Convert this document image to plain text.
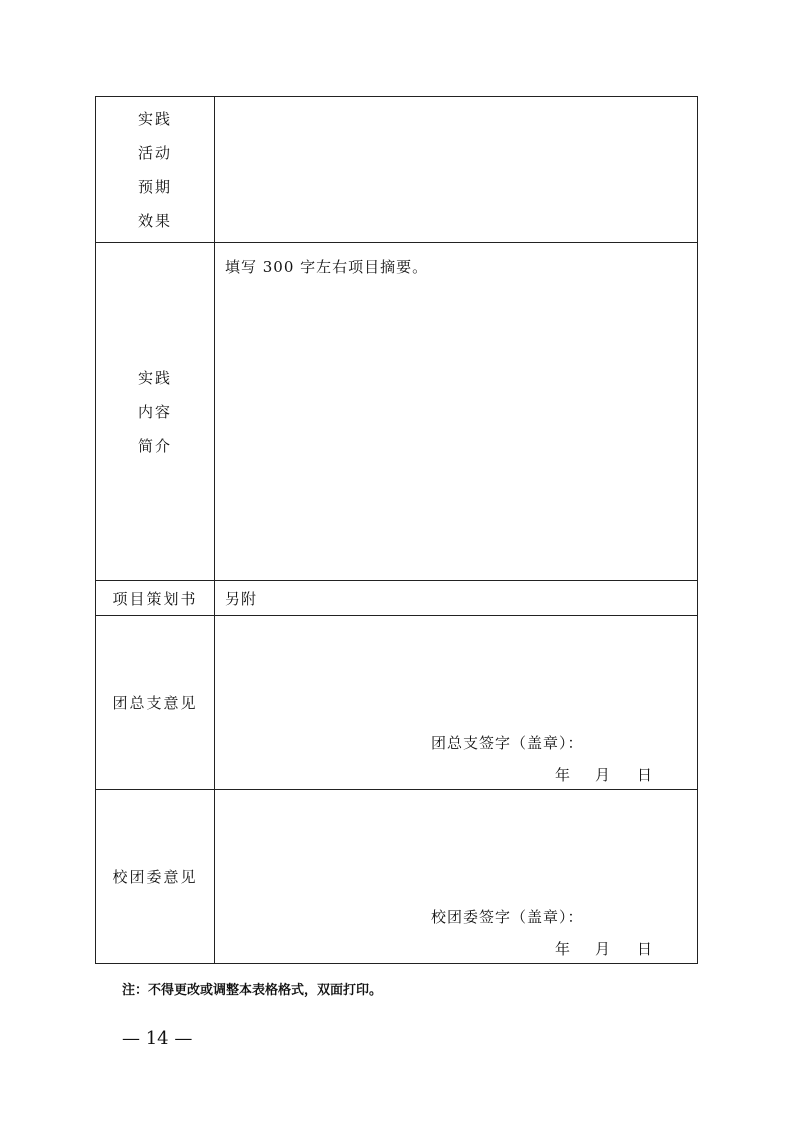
实践
活动
预期
效果	

实践
内容
简介	填写 300 字左右项目摘要。

项目策划书	另附
团总支意见	团总支签字（盖章）：
年 月 日

校团委意见	校团委签字（盖章）：
年 月 日
注：不得更改或调整本表格格式，双面打印。
— 14 —
